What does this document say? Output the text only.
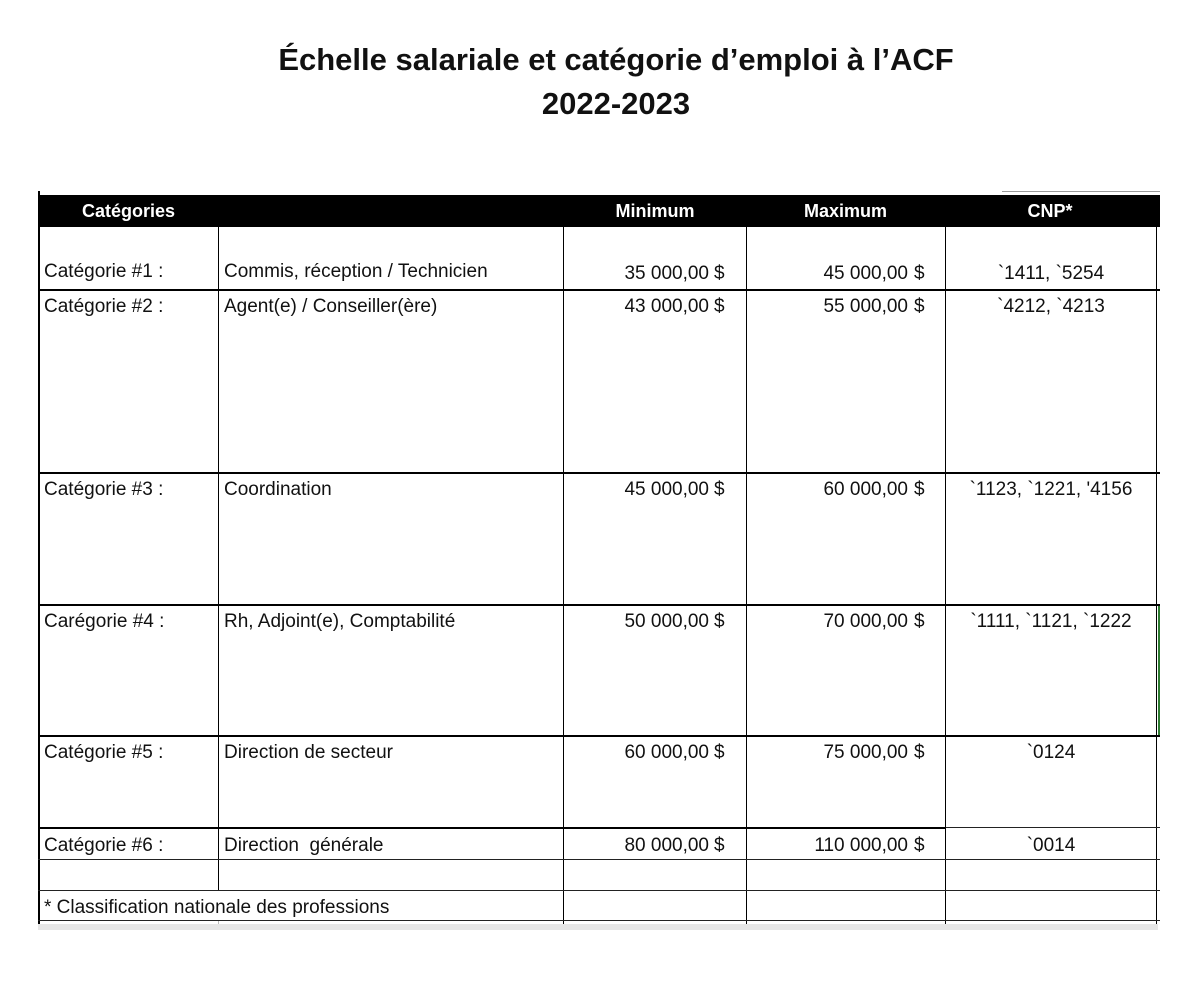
Échelle salariale et catégorie d’emploi à l’ACF
2022-2023
Catégories	Minimum	Maximum	CNP*
Catégorie #1 :	Commis, réception / Technicien	35 000,00 $	45 000,00 $	`1411, `5254
Catégorie #2 :	Agent(e) / Conseiller(ère)	43 000,00 $	55 000,00 $	`4212, `4213
Catégorie #3 :	Coordination	45 000,00 $	60 000,00 $	`1123, `1221, '4156
Carégorie #4 :	Rh, Adjoint(e), Comptabilité	50 000,00 $	70 000,00 $	`1111, `1121, `1222
Catégorie #5 :	Direction de secteur	60 000,00 $	75 000,00 $	`0124
Catégorie #6 :	Direction  générale	80 000,00 $	110 000,00 $	`0014
* Classification nationale des professions
